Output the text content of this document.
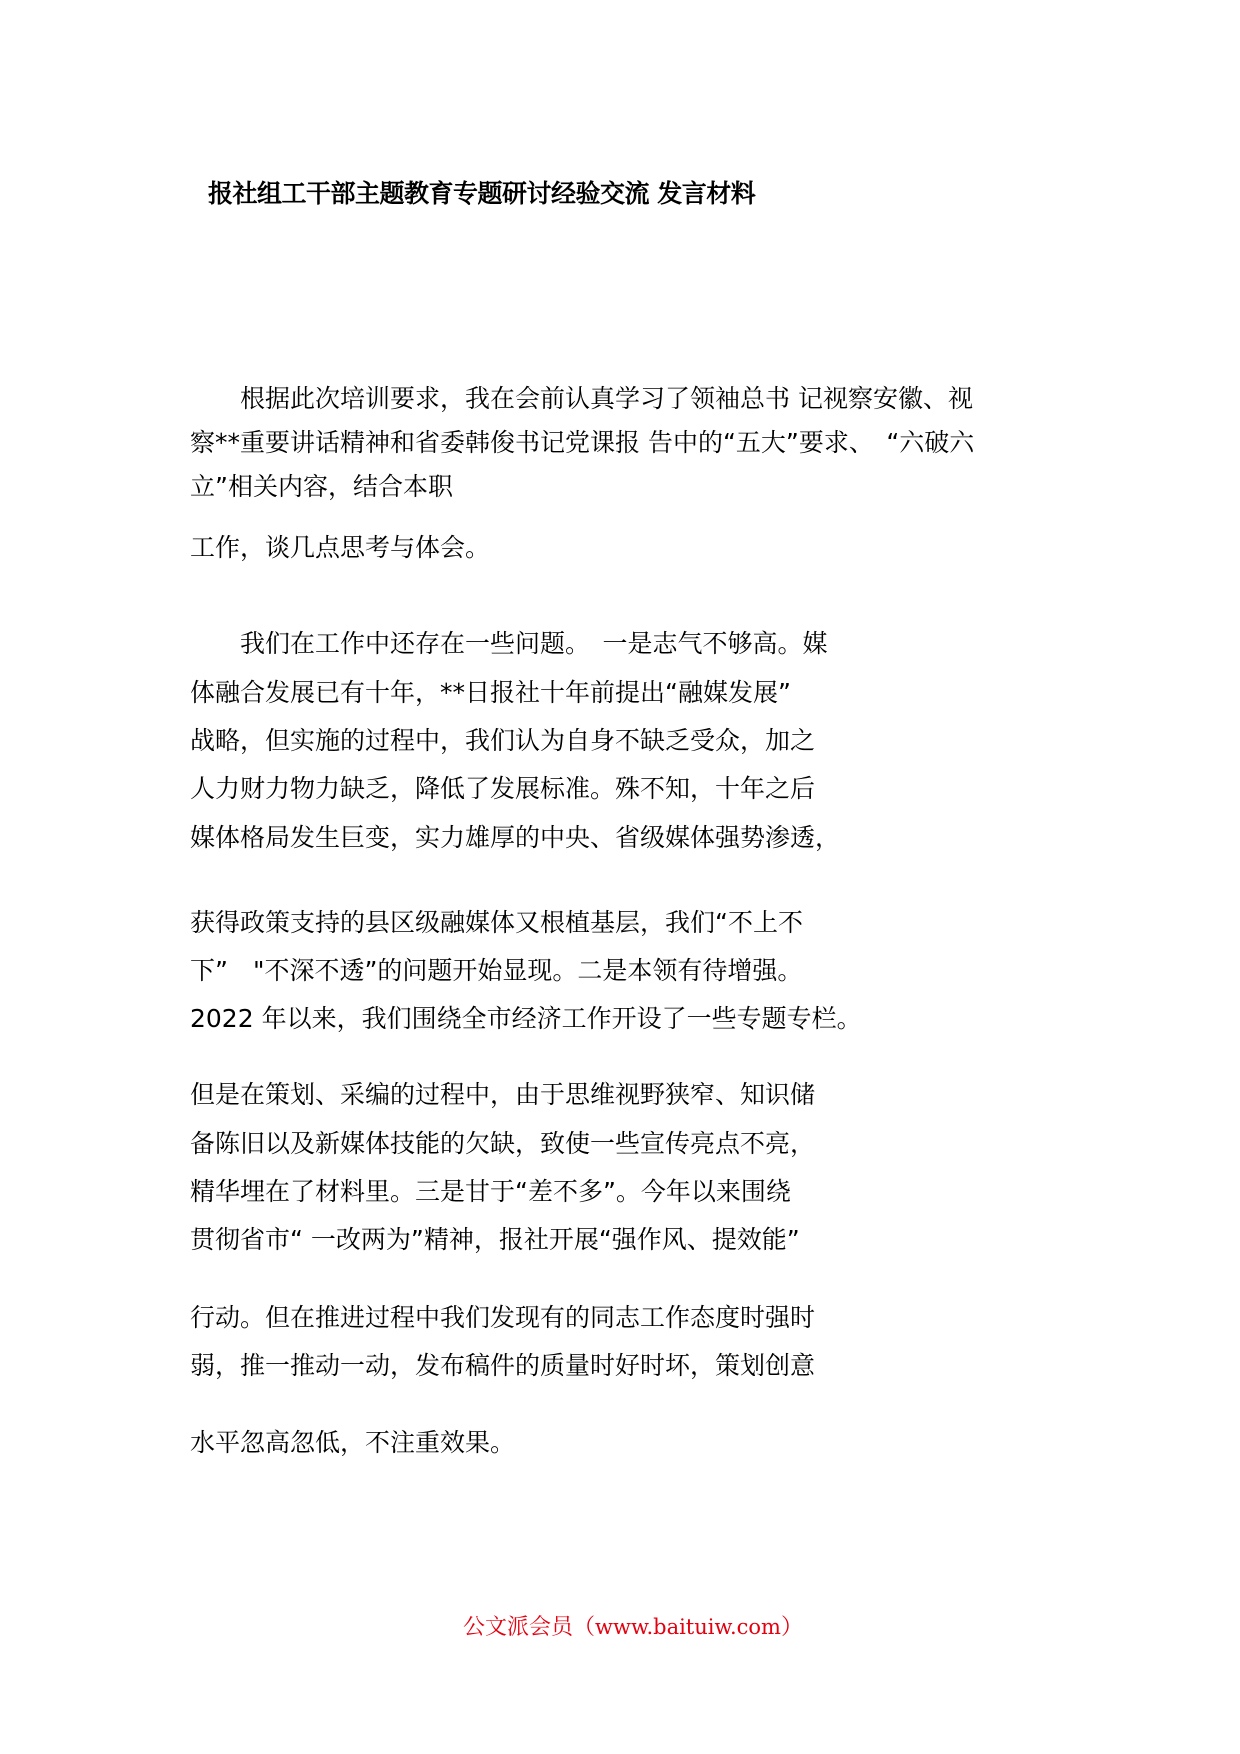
报社组工干部主题教育专题研讨经验交流 发言材料
　　根据此次培训要求，我在会前认真学习了领袖总书 记视察安徽、视
察**重要讲话精神和省委韩俊书记党课报 告中的“五大”要求、　“六破六
立”相关内容，结合本职
工作，谈几点思考与体会。
　　我们在工作中还存在一些问题。　一是志气不够高。媒
体融合发展已有十年，**日报社十年前提出“融媒发展”
战略，但实施的过程中，我们认为自身不缺乏受众，加之
人力财力物力缺乏，降低了发展标准。殊不知，十年之后
媒体格局发生巨变，实力雄厚的中央、省级媒体强势渗透，
获得政策支持的县区级融媒体又根植基层，我们“不上不
下”　"不深不透”的问题开始显现。二是本领有待增强。
2022 年以来，我们围绕全市经济工作开设了一些专题专栏。
但是在策划、采编的过程中，由于思维视野狭窄、知识储
备陈旧以及新媒体技能的欠缺，致使一些宣传亮点不亮，
精华埋在了材料里。三是甘于“差不多”。今年以来围绕
贯彻省市“ 一改两为”精神，报社开展“强作风、提效能”
行动。但在推进过程中我们发现有的同志工作态度时强时
弱，推一推动一动，发布稿件的质量时好时坏，策划创意
水平忽高忽低，不注重效果。
公文派会员（www.baituiw.com）
